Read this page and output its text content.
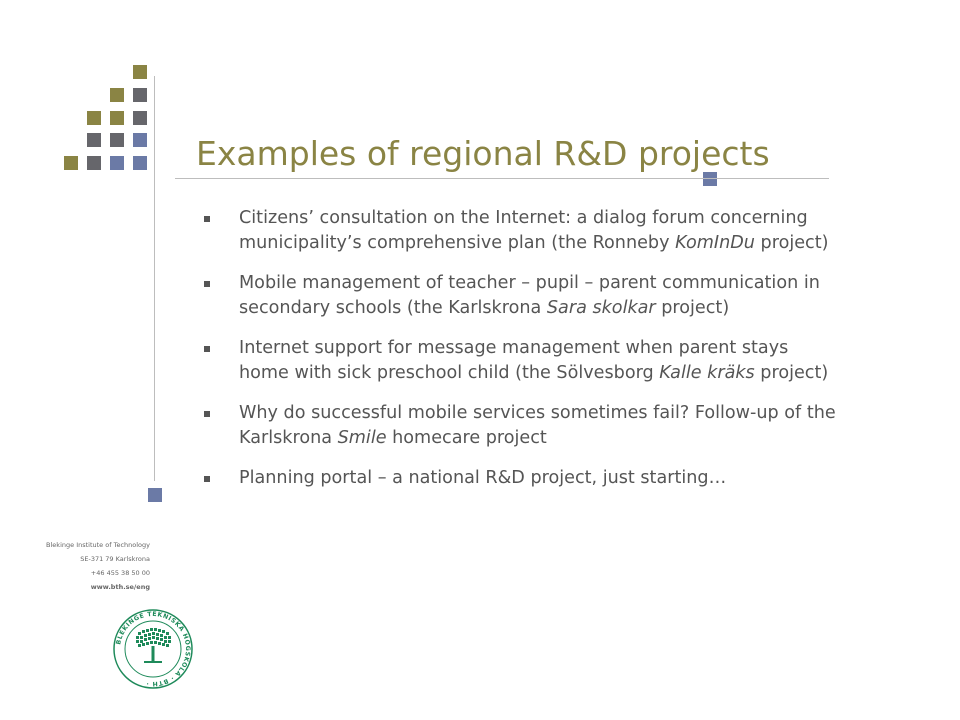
Examples of regional R&D projects
Citizens’ consultation on the Internet: a dialog forum concerning municipality’s comprehensive plan (the Ronneby KomInDu project)
Mobile management of teacher – pupil – parent communication in secondary schools (the Karlskrona Sara skolkar project)
Internet support for message management when parent stays home with sick preschool child (the Sölvesborg Kalle kräks project)
Why do successful mobile services sometimes fail? Follow-up of the Karlskrona Smile homecare project
Planning portal – a national R&D project, just starting…
Blekinge Institute of Technology
SE-371 79 Karlskrona
+46 455 38 50 00
www.bth.se/eng
BLEKINGE TEKNISKA HÖGSKOLA · BTH ·
